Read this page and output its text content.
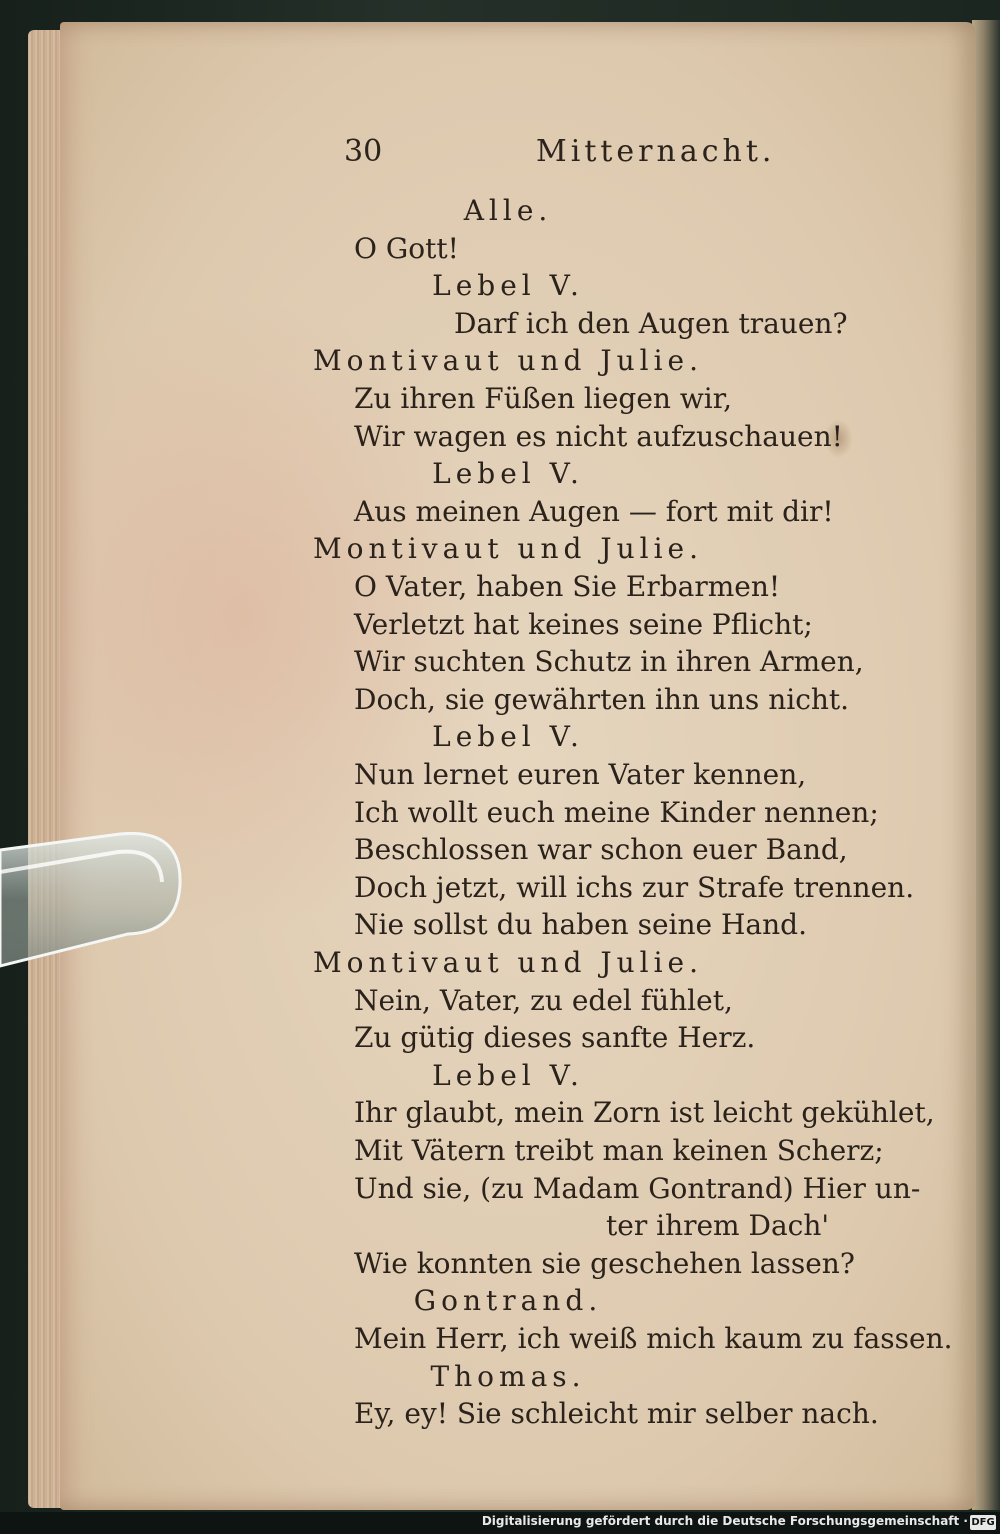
30	Mitternacht.
Alle.
O Gott!
Lebel V.
Darf ich den Augen trauen?
Montivaut und Julie.
Zu ihren Füßen liegen wir,
Wir wagen es nicht aufzuschauen!
Lebel V.
Aus meinen Augen — fort mit dir!
Montivaut und Julie.
O Vater, haben Sie Erbarmen!
Verletzt hat keines seine Pflicht;
Wir suchten Schutz in ihren Armen,
Doch, sie gewährten ihn uns nicht.
Lebel V.
Nun lernet euren Vater kennen,
Ich wollt euch meine Kinder nennen;
Beschlossen war schon euer Band,
Doch jetzt, will ichs zur Strafe trennen.
Nie sollst du haben seine Hand.
Montivaut und Julie.
Nein, Vater, zu edel fühlet,
Zu gütig dieses sanfte Herz.
Lebel V.
Ihr glaubt, mein Zorn ist leicht gekühlet,
Mit Vätern treibt man keinen Scherz;
Und sie, (zu Madam Gontrand) Hier un-
ter ihrem Dach'
Wie konnten sie geschehen lassen?
Gontrand.
Mein Herr, ich weiß mich kaum zu fassen.
Thomas.
Ey, ey! Sie schleicht mir selber nach.
Digitalisierung gefördert durch die Deutsche Forschungsgemeinschaft · DFG
